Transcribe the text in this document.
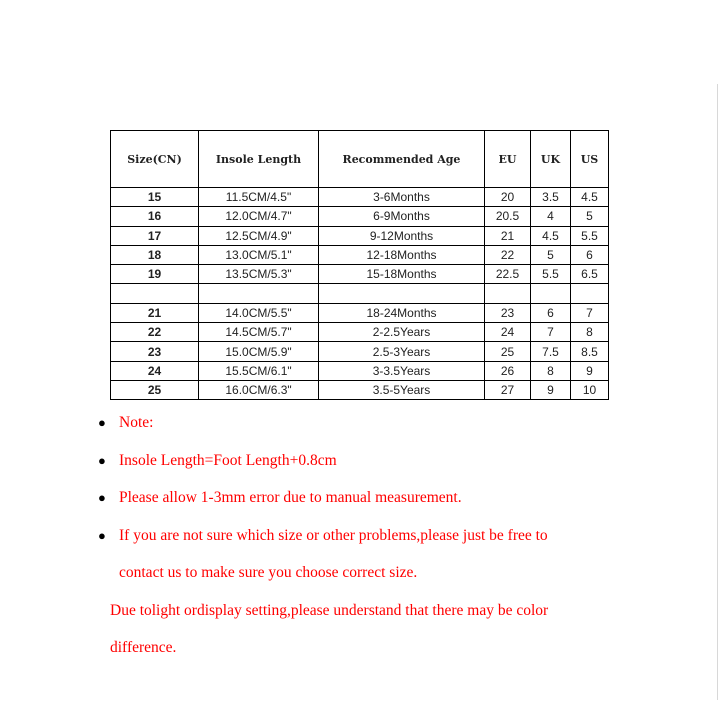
Size(CN)	Insole Length	Recommended Age	EU	UK	US
15	11.5CM/4.5"	3-6Months	20	3.5	4.5
16	12.0CM/4.7"	6-9Months	20.5	4	5
17	12.5CM/4.9"	9-12Months	21	4.5	5.5
18	13.0CM/5.1"	12-18Months	22	5	6
19	13.5CM/5.3"	15-18Months	22.5	5.5	6.5

21	14.0CM/5.5"	18-24Months	23	6	7
22	14.5CM/5.7"	2-2.5Years	24	7	8
23	15.0CM/5.9"	2.5-3Years	25	7.5	8.5
24	15.5CM/6.1"	3-3.5Years	26	8	9
25	16.0CM/6.3"	3.5-5Years	27	9	10
● Note:
● Insole Length=Foot Length+0.8cm
● Please allow 1-3mm error due to manual measurement.
● If you are not sure which size or other problems,please just be free to
contact us to make sure you choose correct size.
Due tolight ordisplay setting,please understand that there may be color
difference.
